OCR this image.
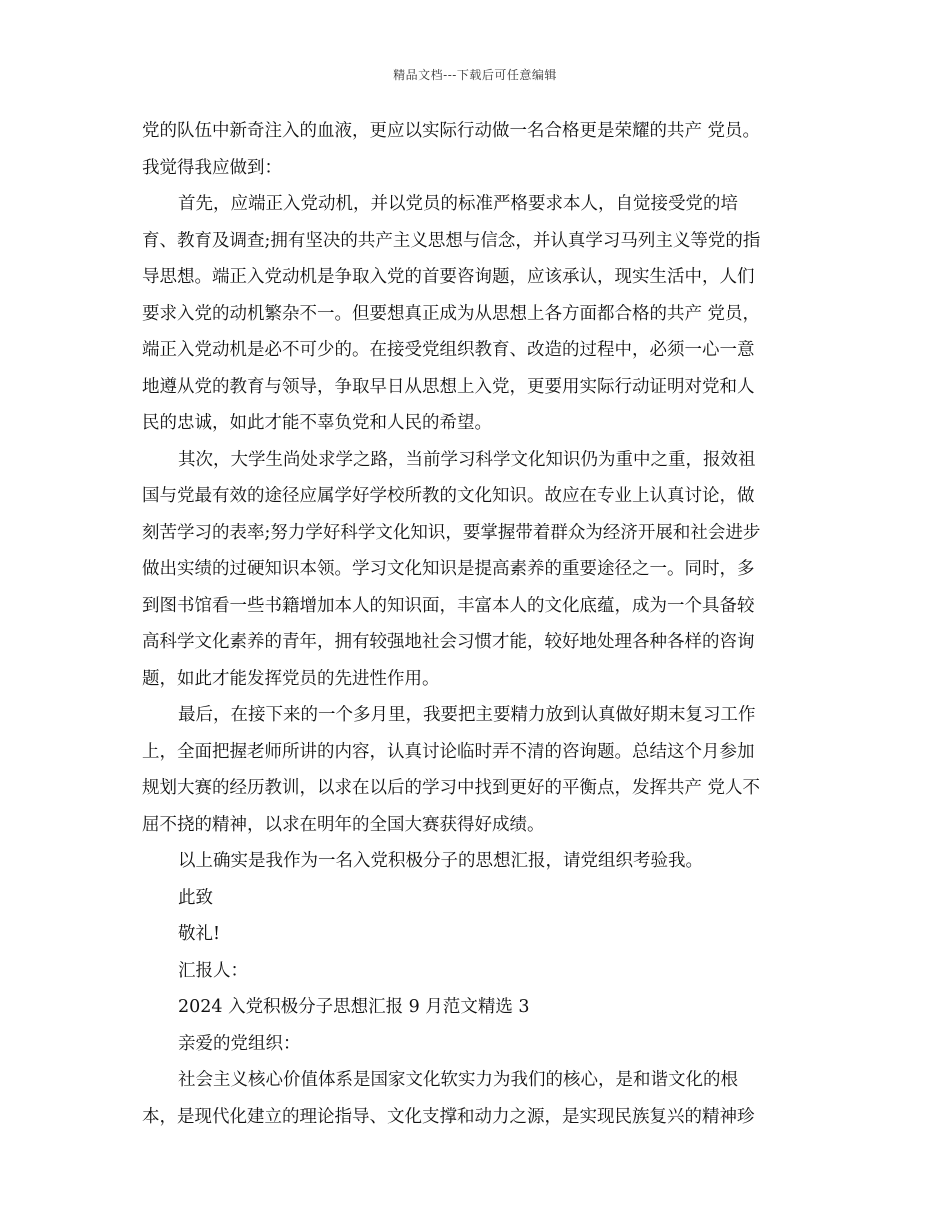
精品文档---下载后可任意编辑
党的队伍中新奇注入的血液，更应以实际行动做一名合格更是荣耀的共产 党员。
我觉得我应做到：
首先，应端正入党动机，并以党员的标准严格要求本人，自觉接受党的培
育、教育及调查;拥有坚决的共产主义思想与信念，并认真学习马列主义等党的指
导思想。端正入党动机是争取入党的首要咨询题，应该承认，现实生活中，人们
要求入党的动机繁杂不一。但要想真正成为从思想上各方面都合格的共产 党员，
端正入党动机是必不可少的。在接受党组织教育、改造的过程中，必须一心一意
地遵从党的教育与领导，争取早日从思想上入党，更要用实际行动证明对党和人
民的忠诚，如此才能不辜负党和人民的希望。
其次，大学生尚处求学之路，当前学习科学文化知识仍为重中之重，报效祖
国与党最有效的途径应属学好学校所教的文化知识。故应在专业上认真讨论，做
刻苦学习的表率;努力学好科学文化知识，要掌握带着群众为经济开展和社会进步
做出实绩的过硬知识本领。学习文化知识是提高素养的重要途径之一。同时，多
到图书馆看一些书籍增加本人的知识面，丰富本人的文化底蕴，成为一个具备较
高科学文化素养的青年，拥有较强地社会习惯才能，较好地处理各种各样的咨询
题，如此才能发挥党员的先进性作用。
最后，在接下来的一个多月里，我要把主要精力放到认真做好期末复习工作
上，全面把握老师所讲的内容，认真讨论临时弄不清的咨询题。总结这个月参加
规划大赛的经历教训，以求在以后的学习中找到更好的平衡点，发挥共产 党人不
屈不挠的精神，以求在明年的全国大赛获得好成绩。
以上确实是我作为一名入党积极分子的思想汇报，请党组织考验我。
此致
敬礼!
汇报人：
2024 入党积极分子思想汇报 9 月范文精选 3
亲爱的党组织：
社会主义核心价值体系是国家文化软实力为我们的核心，是和谐文化的根
本，是现代化建立的理论指导、文化支撑和动力之源，是实现民族复兴的精神珍
